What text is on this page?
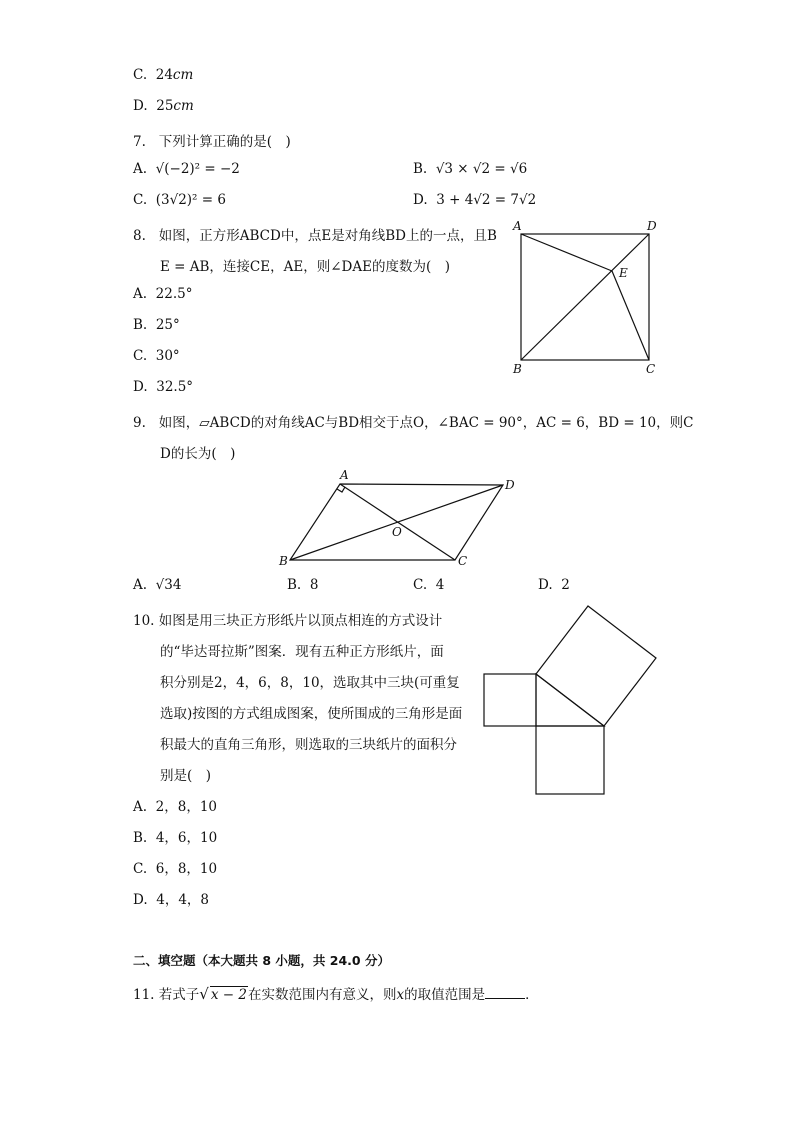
C. 24cm
D. 25cm
7. 下列计算正确的是(　)
A. √(−2)² = −2	B. √3 × √2 = √6
C. (3√2)² = 6	D. 3 + 4√2 = 7√2
8. 如图，正方形ABCD中，点E是对角线BD上的一点，且B
E = AB，连接CE，AE，则∠DAE的度数为(　)
A. 22.5°
B. 25°
C. 30°
D. 32.5°
A	D
B	C
E
9. 如图，▱ABCD的对角线AC与BD相交于点O，∠BAC = 90°，AC = 6，BD = 10，则C
D的长为(　)
A
D
B	C
O
A. √34	B. 8	C. 4	D. 2
10. 如图是用三块正方形纸片以顶点相连的方式设计
的“毕达哥拉斯”图案．现有五种正方形纸片，面
积分别是2，4，6，8，10，选取其中三块(可重复
选取)按图的方式组成图案，使所围成的三角形是面
积最大的直角三角形，则选取的三块纸片的面积分
别是(　)
A. 2，8，10
B. 4，6，10
C. 6，8，10
D. 4，4，8
二、填空题（本大题共 8 小题，共 24.0 分）
11. 若式子√ x − 2在实数范围内有意义，则x的取值范围是	．
